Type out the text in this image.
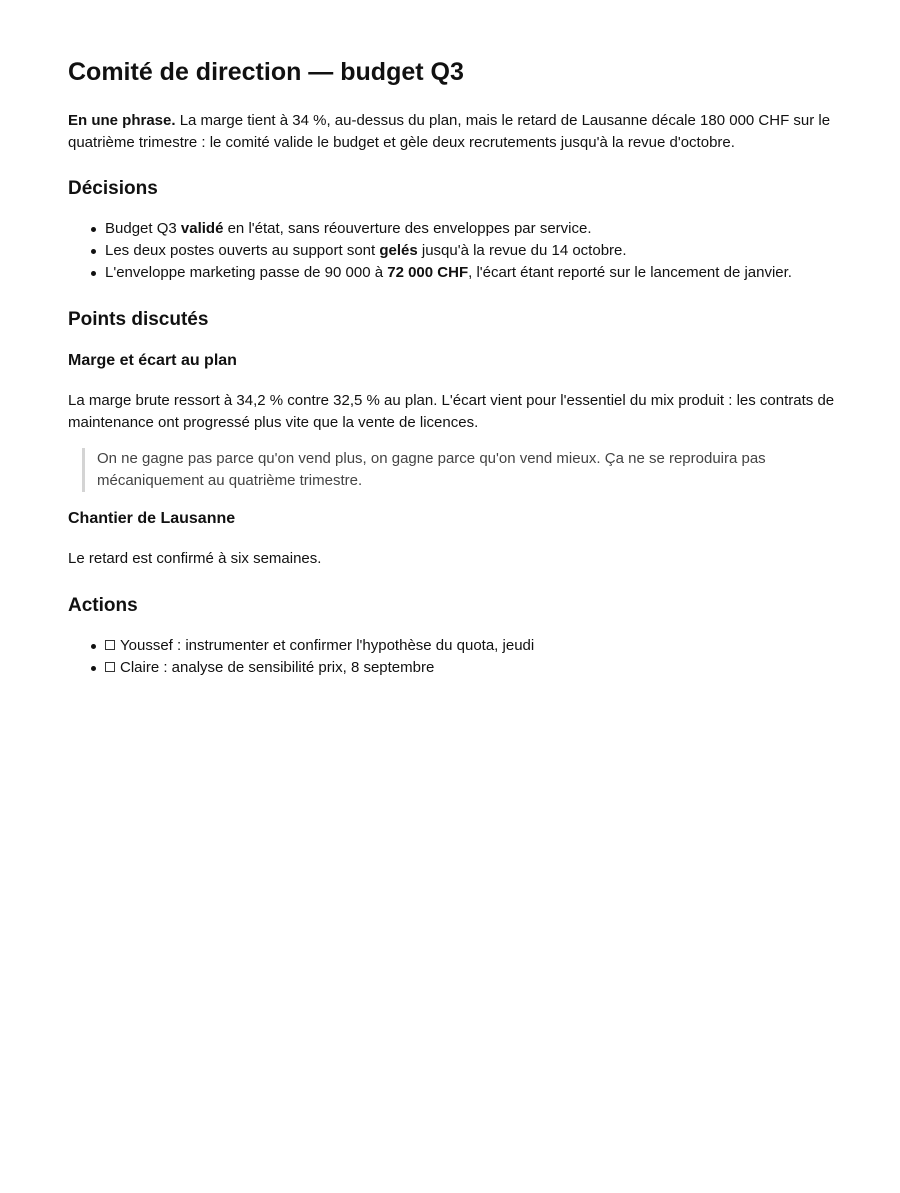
Comité de direction — budget Q3

En une phrase. La marge tient à 34 %, au-dessus du plan, mais le retard de Lausanne décale 180 000 CHF sur le quatrième trimestre : le comité valide le budget et gèle deux recrutements jusqu'à la revue d'octobre.

Décisions
Budget Q3 validé en l'état, sans réouverture des enveloppes par service.
Les deux postes ouverts au support sont gelés jusqu'à la revue du 14 octobre.
L'enveloppe marketing passe de 90 000 à 72 000 CHF, l'écart étant reporté sur le lancement de janvier.
Points discutés
Marge et écart au plan

La marge brute ressort à 34,2 % contre 32,5 % au plan. L'écart vient pour l'essentiel du mix produit : les contrats de maintenance ont progressé plus vite que la vente de licences.

On ne gagne pas parce qu'on vend plus, on gagne parce qu'on vend mieux. Ça ne se reproduira pas mécaniquement au quatrième trimestre.
Chantier de Lausanne

Le retard est confirmé à six semaines.

Actions
Youssef : instrumenter et confirmer l'hypothèse du quota, jeudi
Claire : analyse de sensibilité prix, 8 septembre
